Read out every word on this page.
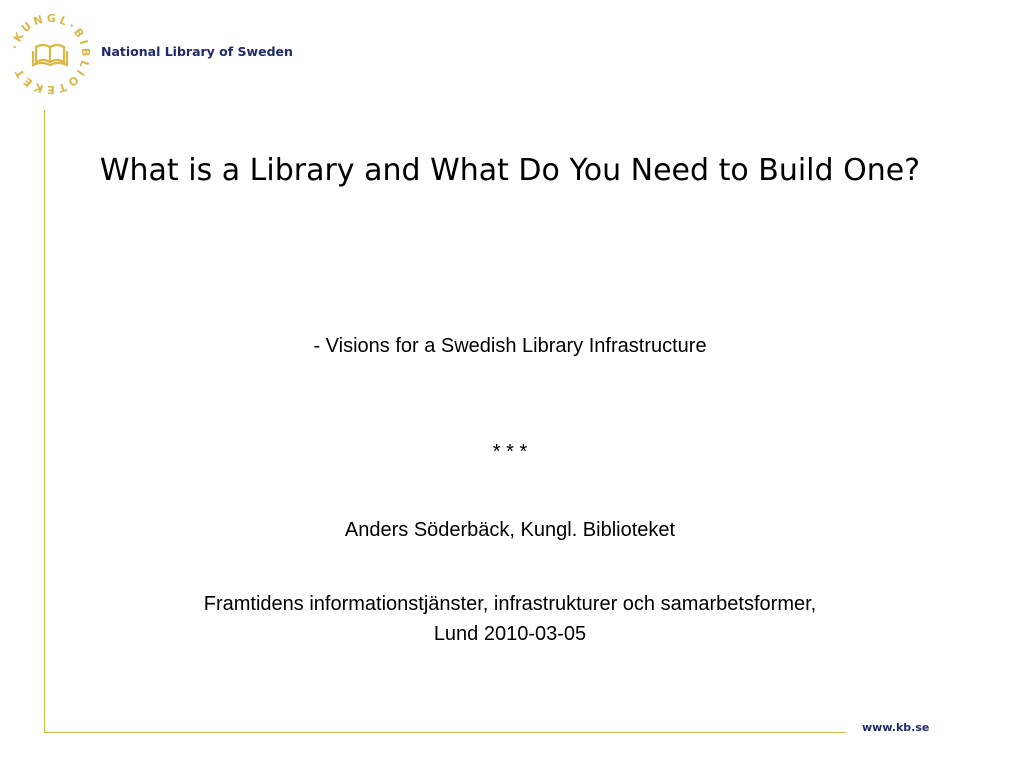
·KUNGL·BIBLIOTEKET
National Library of Sweden
What is a Library and What Do You Need to Build One?

- Visions for a Swedish Library Infrastructure

* * *

Anders Söderbäck, Kungl. Biblioteket

Framtidens informationstjänster, infrastrukturer och samarbetsformer,

Lund 2010-03-05

www.kb.se
